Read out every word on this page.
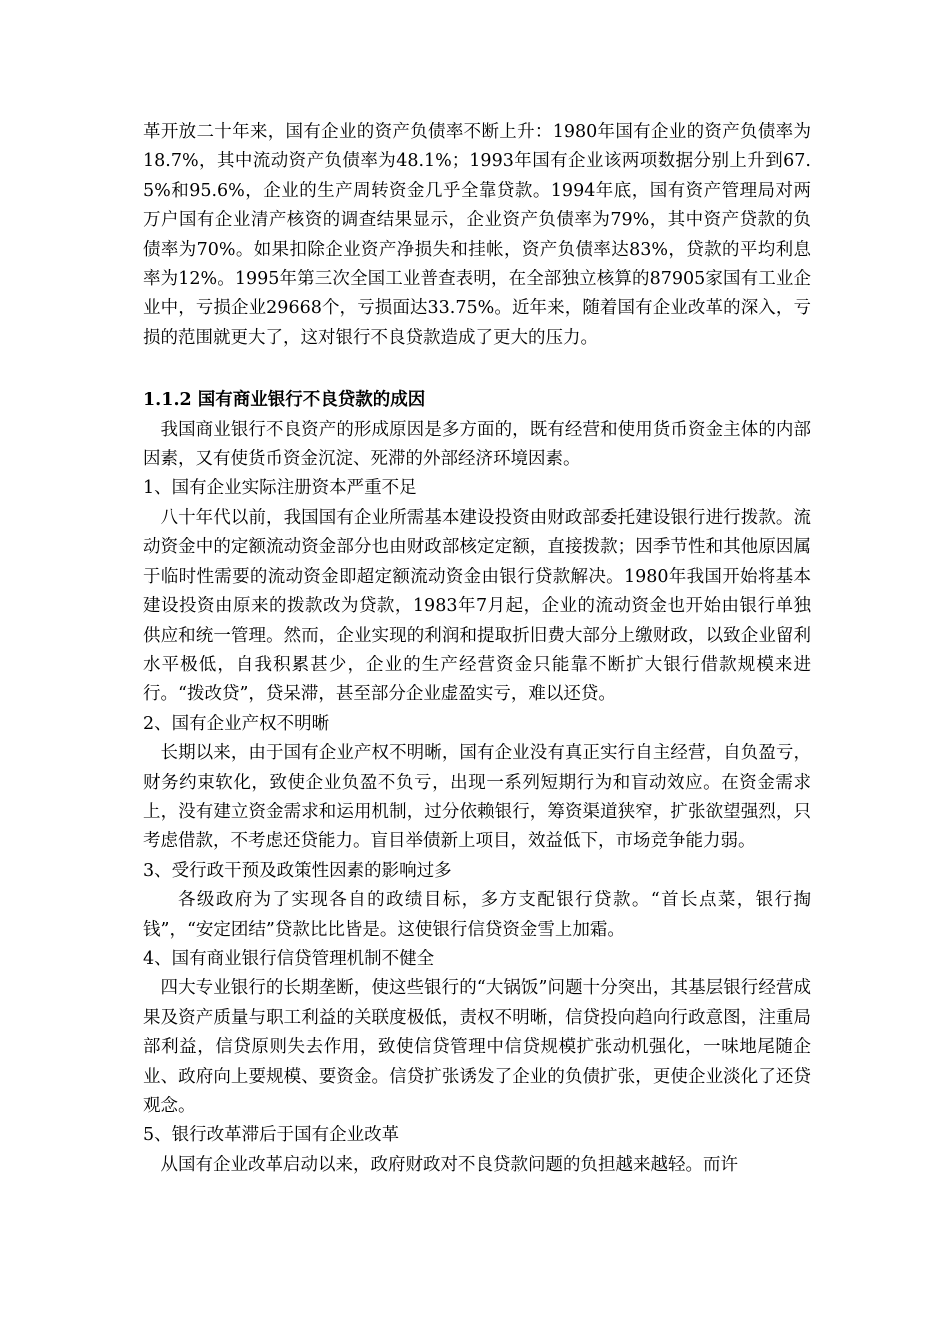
革开放二十年来，国有企业的资产负债率不断上升：1980年国有企业的资产负债率为18.7%，其中流动资产负债率为48.1%；1993年国有企业该两项数据分别上升到67.5%和95.6%，企业的生产周转资金几乎全靠贷款。1994年底，国有资产管理局对两万户国有企业清产核资的调查结果显示，企业资产负债率为79%，其中资产贷款的负债率为70%。如果扣除企业资产净损失和挂帐，资产负债率达83%，贷款的平均利息率为12%。1995年第三次全国工业普查表明，在全部独立核算的87905家国有工业企业中，亏损企业29668个，亏损面达33.75%。近年来，随着国有企业改革的深入，亏损的范围就更大了，这对银行不良贷款造成了更大的压力。

1.1.2 国有商业银行不良贷款的成因

我国商业银行不良资产的形成原因是多方面的，既有经营和使用货币资金主体的内部因素，又有使货币资金沉淀、死滞的外部经济环境因素。

1、国有企业实际注册资本严重不足

八十年代以前，我国国有企业所需基本建设投资由财政部委托建设银行进行拨款。流动资金中的定额流动资金部分也由财政部核定定额，直接拨款；因季节性和其他原因属于临时性需要的流动资金即超定额流动资金由银行贷款解决。1980年我国开始将基本建设投资由原来的拨款改为贷款，1983年7月起，企业的流动资金也开始由银行单独供应和统一管理。然而，企业实现的利润和提取折旧费大部分上缴财政，以致企业留利水平极低，自我积累甚少，企业的生产经营资金只能靠不断扩大银行借款规模来进行。“拨改贷”，贷呆滞，甚至部分企业虚盈实亏，难以还贷。

2、国有企业产权不明晰

长期以来，由于国有企业产权不明晰，国有企业没有真正实行自主经营，自负盈亏，财务约束软化，致使企业负盈不负亏，出现一系列短期行为和盲动效应。在资金需求上，没有建立资金需求和运用机制，过分依赖银行，筹资渠道狭窄，扩张欲望强烈，只考虑借款，不考虑还贷能力。盲目举债新上项目，效益低下，市场竞争能力弱。

3、受行政干预及政策性因素的影响过多

各级政府为了实现各自的政绩目标，多方支配银行贷款。“首长点菜，银行掏钱”，“安定团结”贷款比比皆是。这使银行信贷资金雪上加霜。

4、国有商业银行信贷管理机制不健全

四大专业银行的长期垄断，使这些银行的“大锅饭”问题十分突出，其基层银行经营成果及资产质量与职工利益的关联度极低，责权不明晰，信贷投向趋向行政意图，注重局部利益，信贷原则失去作用，致使信贷管理中信贷规模扩张动机强化，一味地尾随企业、政府向上要规模、要资金。信贷扩张诱发了企业的负债扩张，更使企业淡化了还贷观念。

5、银行改革滞后于国有企业改革

从国有企业改革启动以来，政府财政对不良贷款问题的负担越来越轻。而许
